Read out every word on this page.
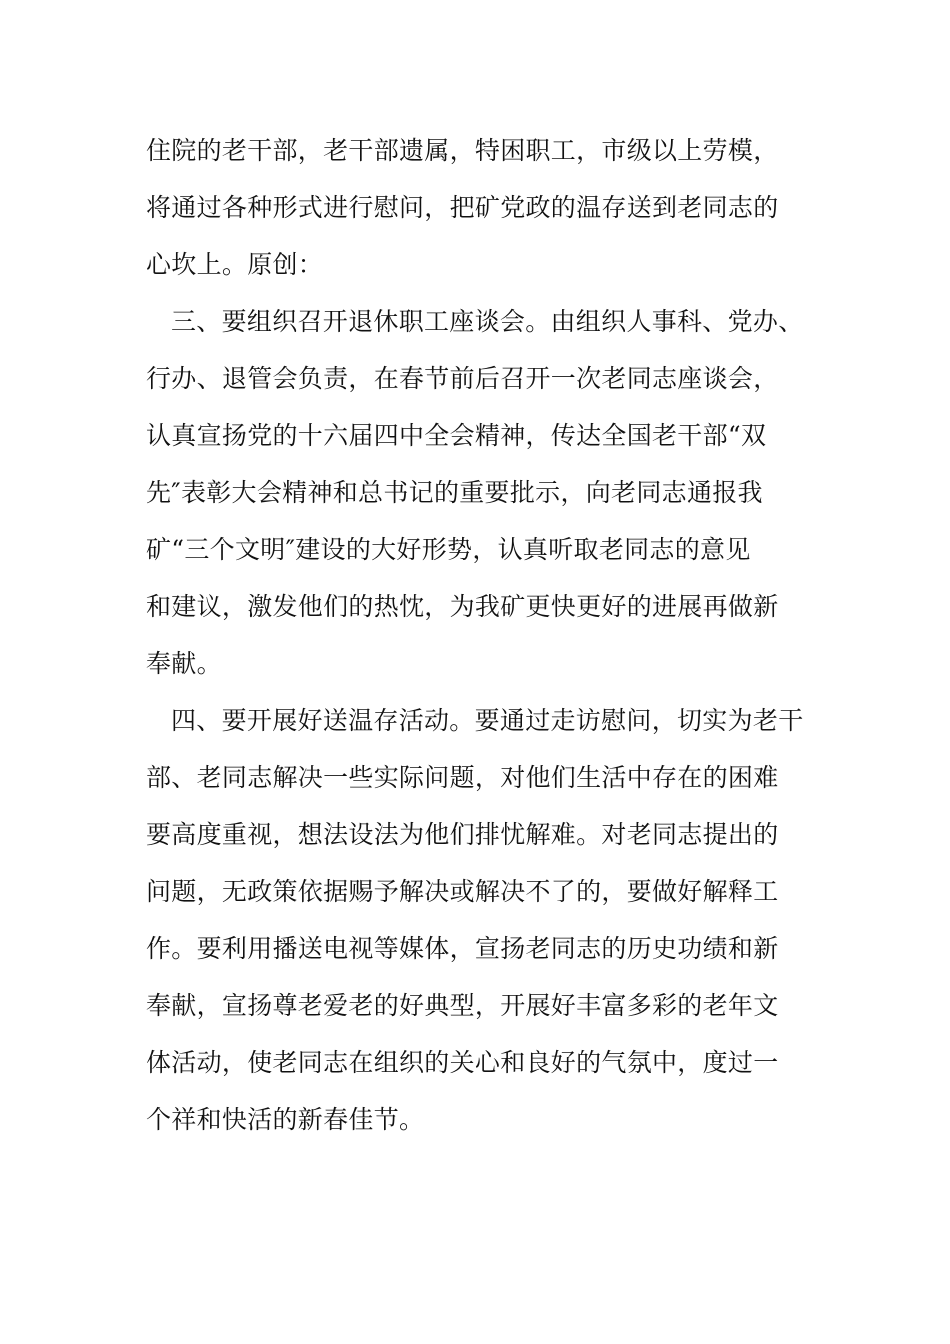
住院的老干部，老干部遗属，特困职工，市级以上劳模，
将通过各种形式进行慰问，把矿党政的温存送到老同志的
心坎上。原创：
三、要组织召开退休职工座谈会。由组织人事科、党办、
行办、退管会负责，在春节前后召开一次老同志座谈会，
认真宣扬党的十六届四中全会精神，传达全国老干部“双
先″表彰大会精神和总书记的重要批示，向老同志通报我
矿“三个文明″建设的大好形势，认真听取老同志的意见
和建议，激发他们的热忱，为我矿更快更好的进展再做新
奉献。
四、要开展好送温存活动。要通过走访慰问，切实为老干
部、老同志解决一些实际问题，对他们生活中存在的困难
要高度重视，想法设法为他们排忧解难。对老同志提出的
问题，无政策依据赐予解决或解决不了的，要做好解释工
作。要利用播送电视等媒体，宣扬老同志的历史功绩和新
奉献，宣扬尊老爱老的好典型，开展好丰富多彩的老年文
体活动，使老同志在组织的关心和良好的气氛中，度过一
个祥和快活的新春佳节。
